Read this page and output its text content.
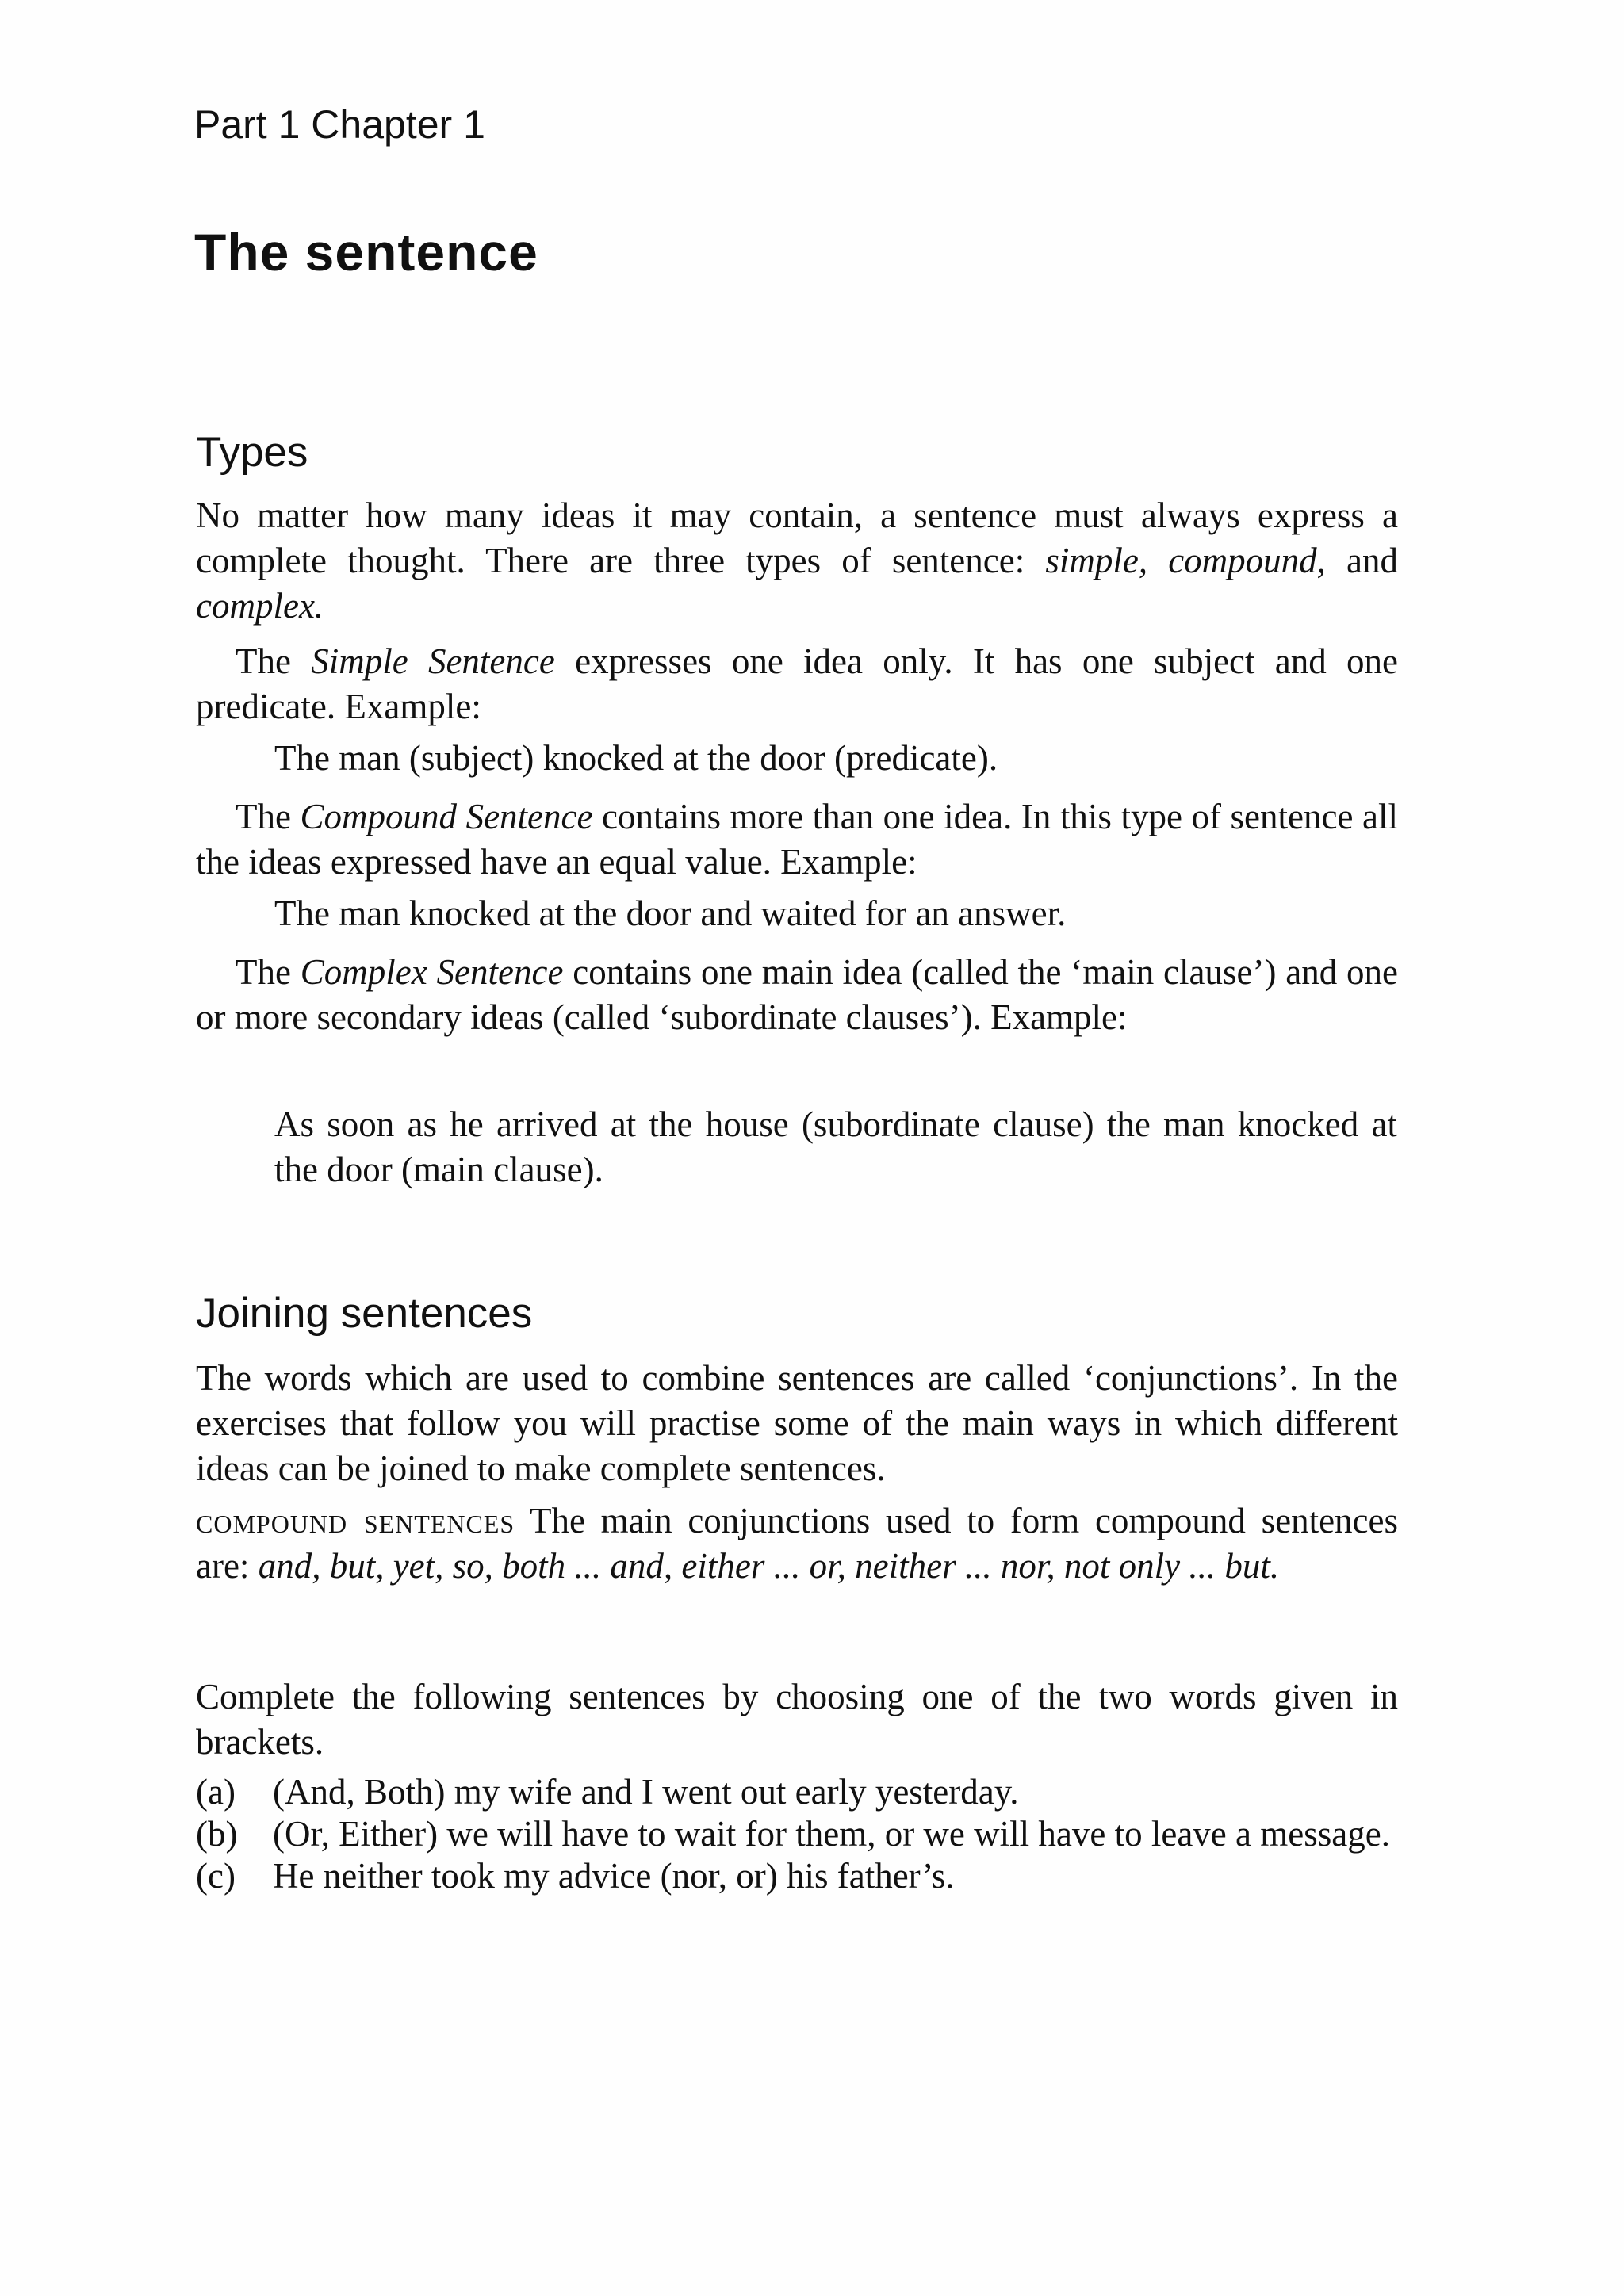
Part 1 Chapter 1
The sentence
Types

No matter how many ideas it may contain, a sentence must always express a complete thought. There are three types of sentence: simple, compound, and complex.

The Simple Sentence expresses one idea only. It has one subject and one predicate. Example:

The man (subject) knocked at the door (predicate).

The Compound Sentence contains more than one idea. In this type of sentence all the ideas expressed have an equal value. Example:

The man knocked at the door and waited for an answer.

The Complex Sentence contains one main idea (called the ‘main clause’) and one or more secondary ideas (called ‘subordinate clauses’). Example:

As soon as he arrived at the house (subordinate clause) the man knocked at the door (main clause).

Joining sentences

The words which are used to combine sentences are called ‘conjunctions’. In the exercises that follow you will practise some of the main ways in which different ideas can be joined to make complete sentences.

compound sentences The main conjunctions used to form compound sentences are: and, but, yet, so, both ... and, either ... or, neither ... nor, not only ... but.

Complete the following sentences by choosing one of the two words given in brackets.

(a) (And, Both) my wife and I went out early yesterday.
(b) (Or, Either) we will have to wait for them, or we will have to leave a message.
(c) He neither took my advice (nor, or) his father’s.
